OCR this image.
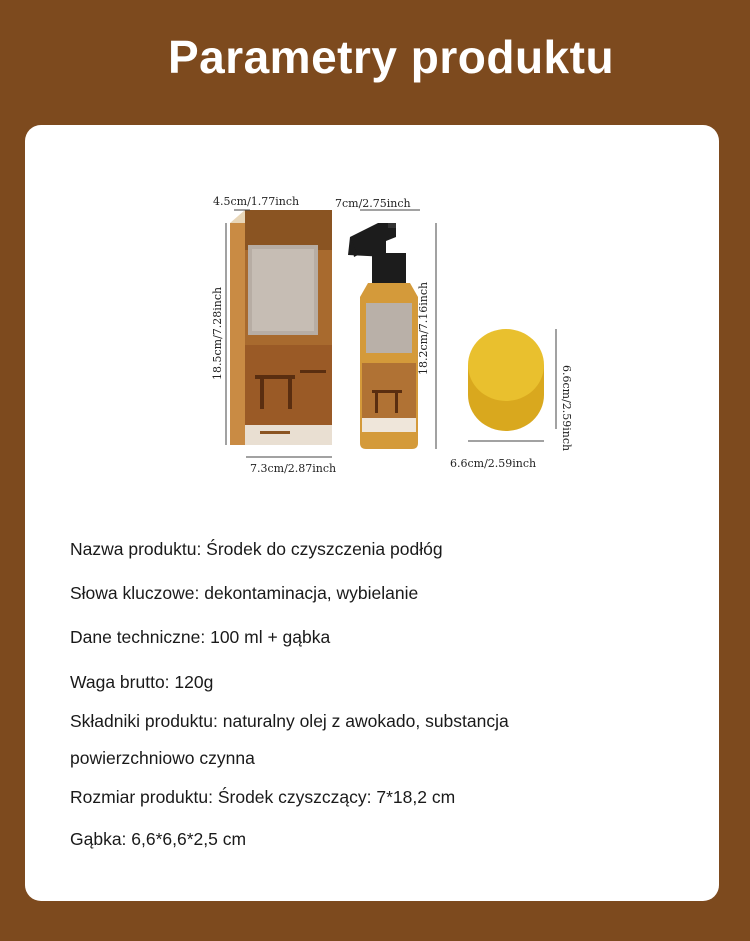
Parametry produktu
4.5cm/1.77inch	7cm/2.75inch
18.5cm/7.28inch	18.2cm/7.16inch
6.6cm/2.59inch
7.3cm/2.87inch	6.6cm/2.59inch
Nazwa produktu: Środek do czyszczenia podłóg
Słowa kluczowe: dekontaminacja, wybielanie
Dane techniczne: 100 ml + gąbka
Waga brutto: 120g
Składniki produktu: naturalny olej z awokado, substancja
powierzchniowo czynna
Rozmiar produktu: Środek czyszczący: 7*18,2 cm
Gąbka: 6,6*6,6*2,5 cm
